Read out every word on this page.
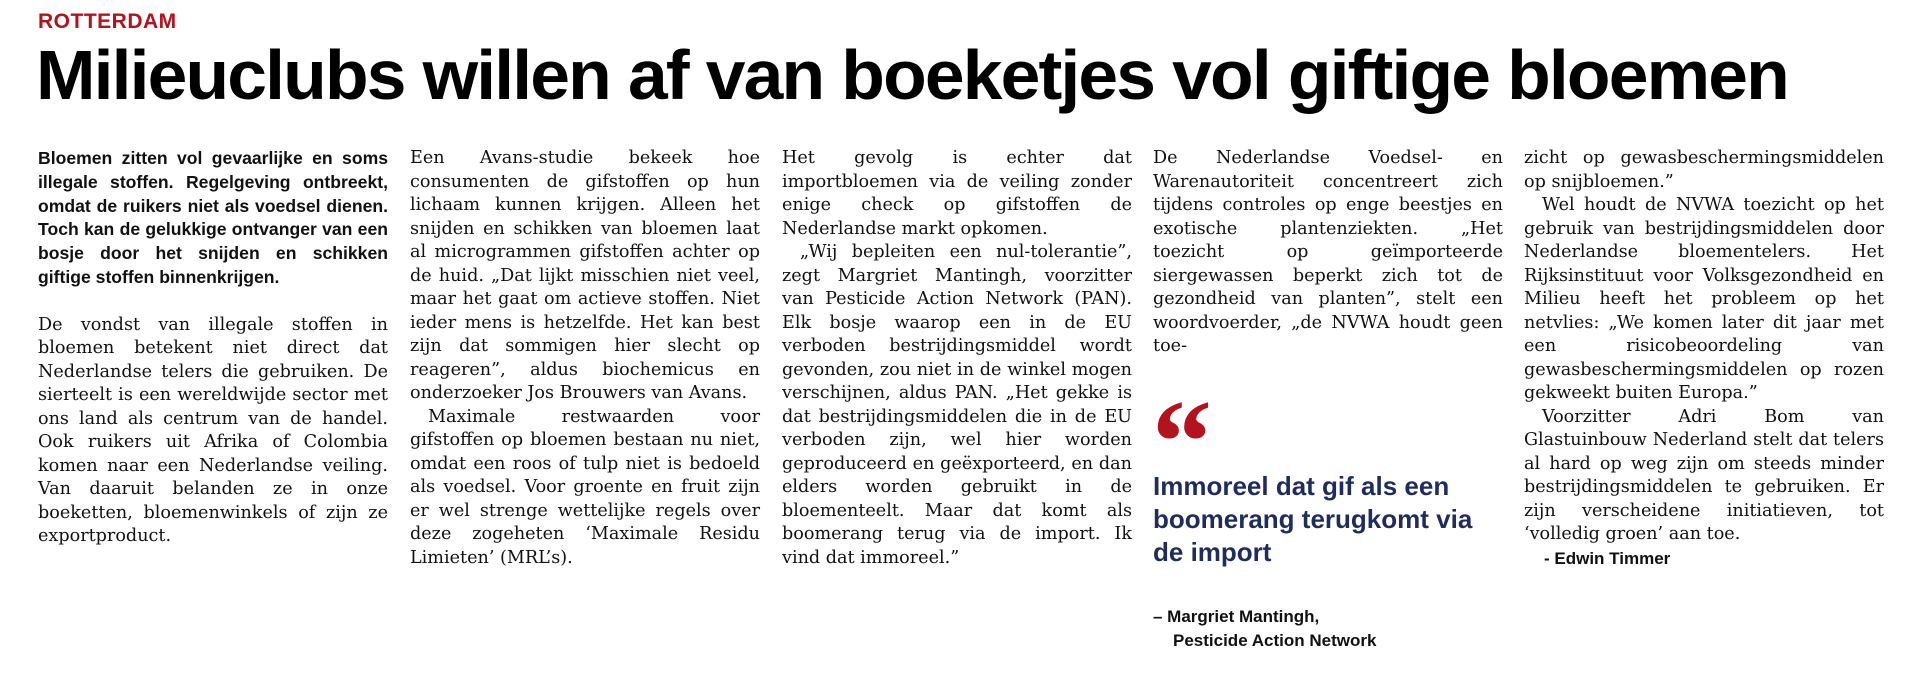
ROTTERDAM
Milieuclubs willen af van boeketjes vol giftige bloemen

Bloemen zitten vol gevaarlijke en soms illegale stoffen. Regelgeving ontbreekt, omdat de ruikers niet als voedsel dienen. Toch kan de gelukkige ontvanger van een bosje door het snijden en schikken giftige stoffen binnenkrijgen.

De vondst van illegale stoffen in bloemen betekent niet direct dat Nederlandse telers die gebruiken. De sierteelt is een wereldwijde sector met ons land als centrum van de handel. Ook ruikers uit Afrika of Colombia komen naar een Nederlandse veiling. Van daaruit belanden ze in onze boeketten, bloemenwinkels of zijn ze exportproduct.

Een Avans-studie bekeek hoe consumenten de gifstoffen op hun lichaam kunnen krijgen. Alleen het snijden en schikken van bloemen laat al microgrammen gifstoffen achter op de huid. „Dat lijkt misschien niet veel, maar het gaat om actieve stoffen. Niet ieder mens is hetzelfde. Het kan best zijn dat sommigen hier slecht op reageren”, aldus biochemicus en onderzoeker Jos Brouwers van Avans.

Maximale restwaarden voor gifstoffen op bloemen bestaan nu niet, omdat een roos of tulp niet is bedoeld als voedsel. Voor groente en fruit zijn er wel strenge wettelijke regels over deze zogeheten ‘Maximale Residu Limieten’ (MRL’s).

Het gevolg is echter dat importbloemen via de veiling zonder enige check op gifstoffen de Nederlandse markt opkomen.

„Wij bepleiten een nul-tolerantie”, zegt Margriet Mantingh, voorzitter van Pesticide Action Network (PAN). Elk bosje waarop een in de EU verboden bestrijdingsmiddel wordt gevonden, zou niet in de winkel mogen verschijnen, aldus PAN. „Het gekke is dat bestrijdingsmiddelen die in de EU verboden zijn, wel hier worden geproduceerd en geëxporteerd, en dan elders worden gebruikt in de bloementeelt. Maar dat komt als boomerang terug via de import. Ik vind dat immoreel.”

De Nederlandse Voedsel- en Warenautoriteit concentreert zich tijdens controles op enge beestjes en exotische plantenziekten. „Het toezicht op geïmporteerde siergewassen beperkt zich tot de gezondheid van planten”, stelt een woordvoerder, „de NVWA houdt geen toe-

“
Immoreel dat gif als een boomerang terugkomt via de import
– Margriet Mantingh,
Pesticide Action Network

zicht op gewasbeschermingsmiddelen op snijbloemen.”

Wel houdt de NVWA toezicht op het gebruik van bestrijdingsmiddelen door Nederlandse bloementelers. Het Rijksinstituut voor Volksgezondheid en Milieu heeft het probleem op het netvlies: „We komen later dit jaar met een risicobeoordeling van gewasbeschermingsmiddelen op rozen gekweekt buiten Europa.”

Voorzitter Adri Bom van Glastuinbouw Nederland stelt dat telers al hard op weg zijn om steeds minder bestrijdingsmiddelen te gebruiken. Er zijn verscheidene initiatieven, tot ‘volledig groen’ aan toe.

- Edwin Timmer
